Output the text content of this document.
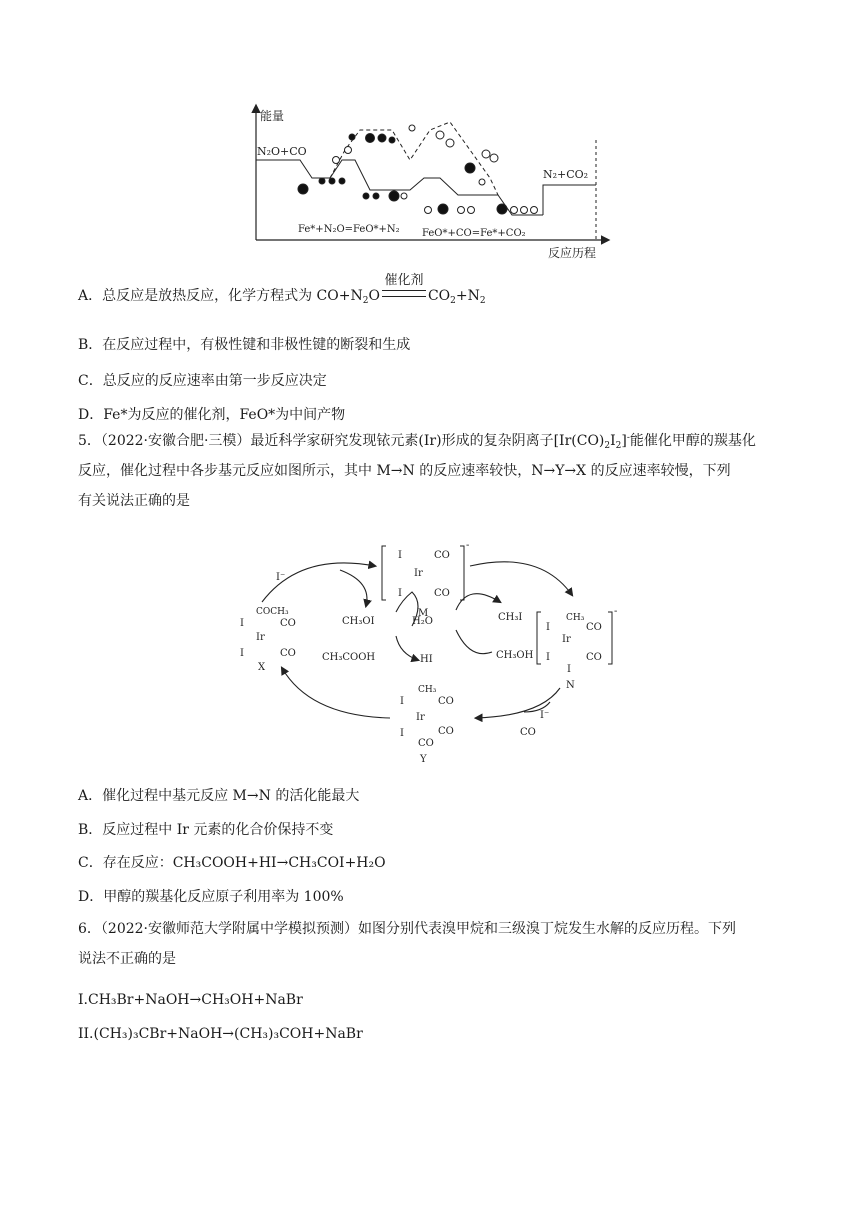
能量
反应历程
N₂O+CO
N₂+CO₂
Fe*+N₂O=FeO*+N₂ FeO*+CO=Fe*+CO₂
A．总反应是放热反应，化学方程式为 $CO+N_2O$
催化剂
$CO_2+N_2$
B．在反应过程中，有极性键和非极性键的断裂和生成
C．总反应的反应速率由第一步反应决定
D．Fe*为反应的催化剂，FeO*为中间产物
5．（2022·安徽合肥·三模）最近科学家研究发现铱元素(Ir)形成的复杂阴离子$[Ir(CO)_2I_2]^-$能催化甲醇的羰基化
反应，催化过程中各步基元反应如图所示，其中 M→N 的反应速率较快，N→Y→X 的反应速率较慢，下列
有关说法正确的是
Ir
I
I
CO
CO
-
M	CH₃
Ir
I
I
CO
CO
I
-
N
COCH₃
Ir
I
I
CO
CO
X
CH₃
Ir
I
I
CO
CO
CO
Y
I⁻
I⁻
CO
CH₃OI	H₂O	CH₃I
CH₃COOH	HI	CH₃OH
A．催化过程中基元反应 M→N 的活化能最大
B．反应过程中 Ir 元素的化合价保持不变
C．存在反应：CH₃COOH+HI→CH₃COI+H₂O
D．甲醇的羰基化反应原子利用率为 100%
6．（2022·安徽师范大学附属中学模拟预测）如图分别代表溴甲烷和三级溴丁烷发生水解的反应历程。下列
说法不正确的是
I.CH₃Br+NaOH→CH₃OH+NaBr
II.(CH₃)₃CBr+NaOH→(CH₃)₃COH+NaBr
